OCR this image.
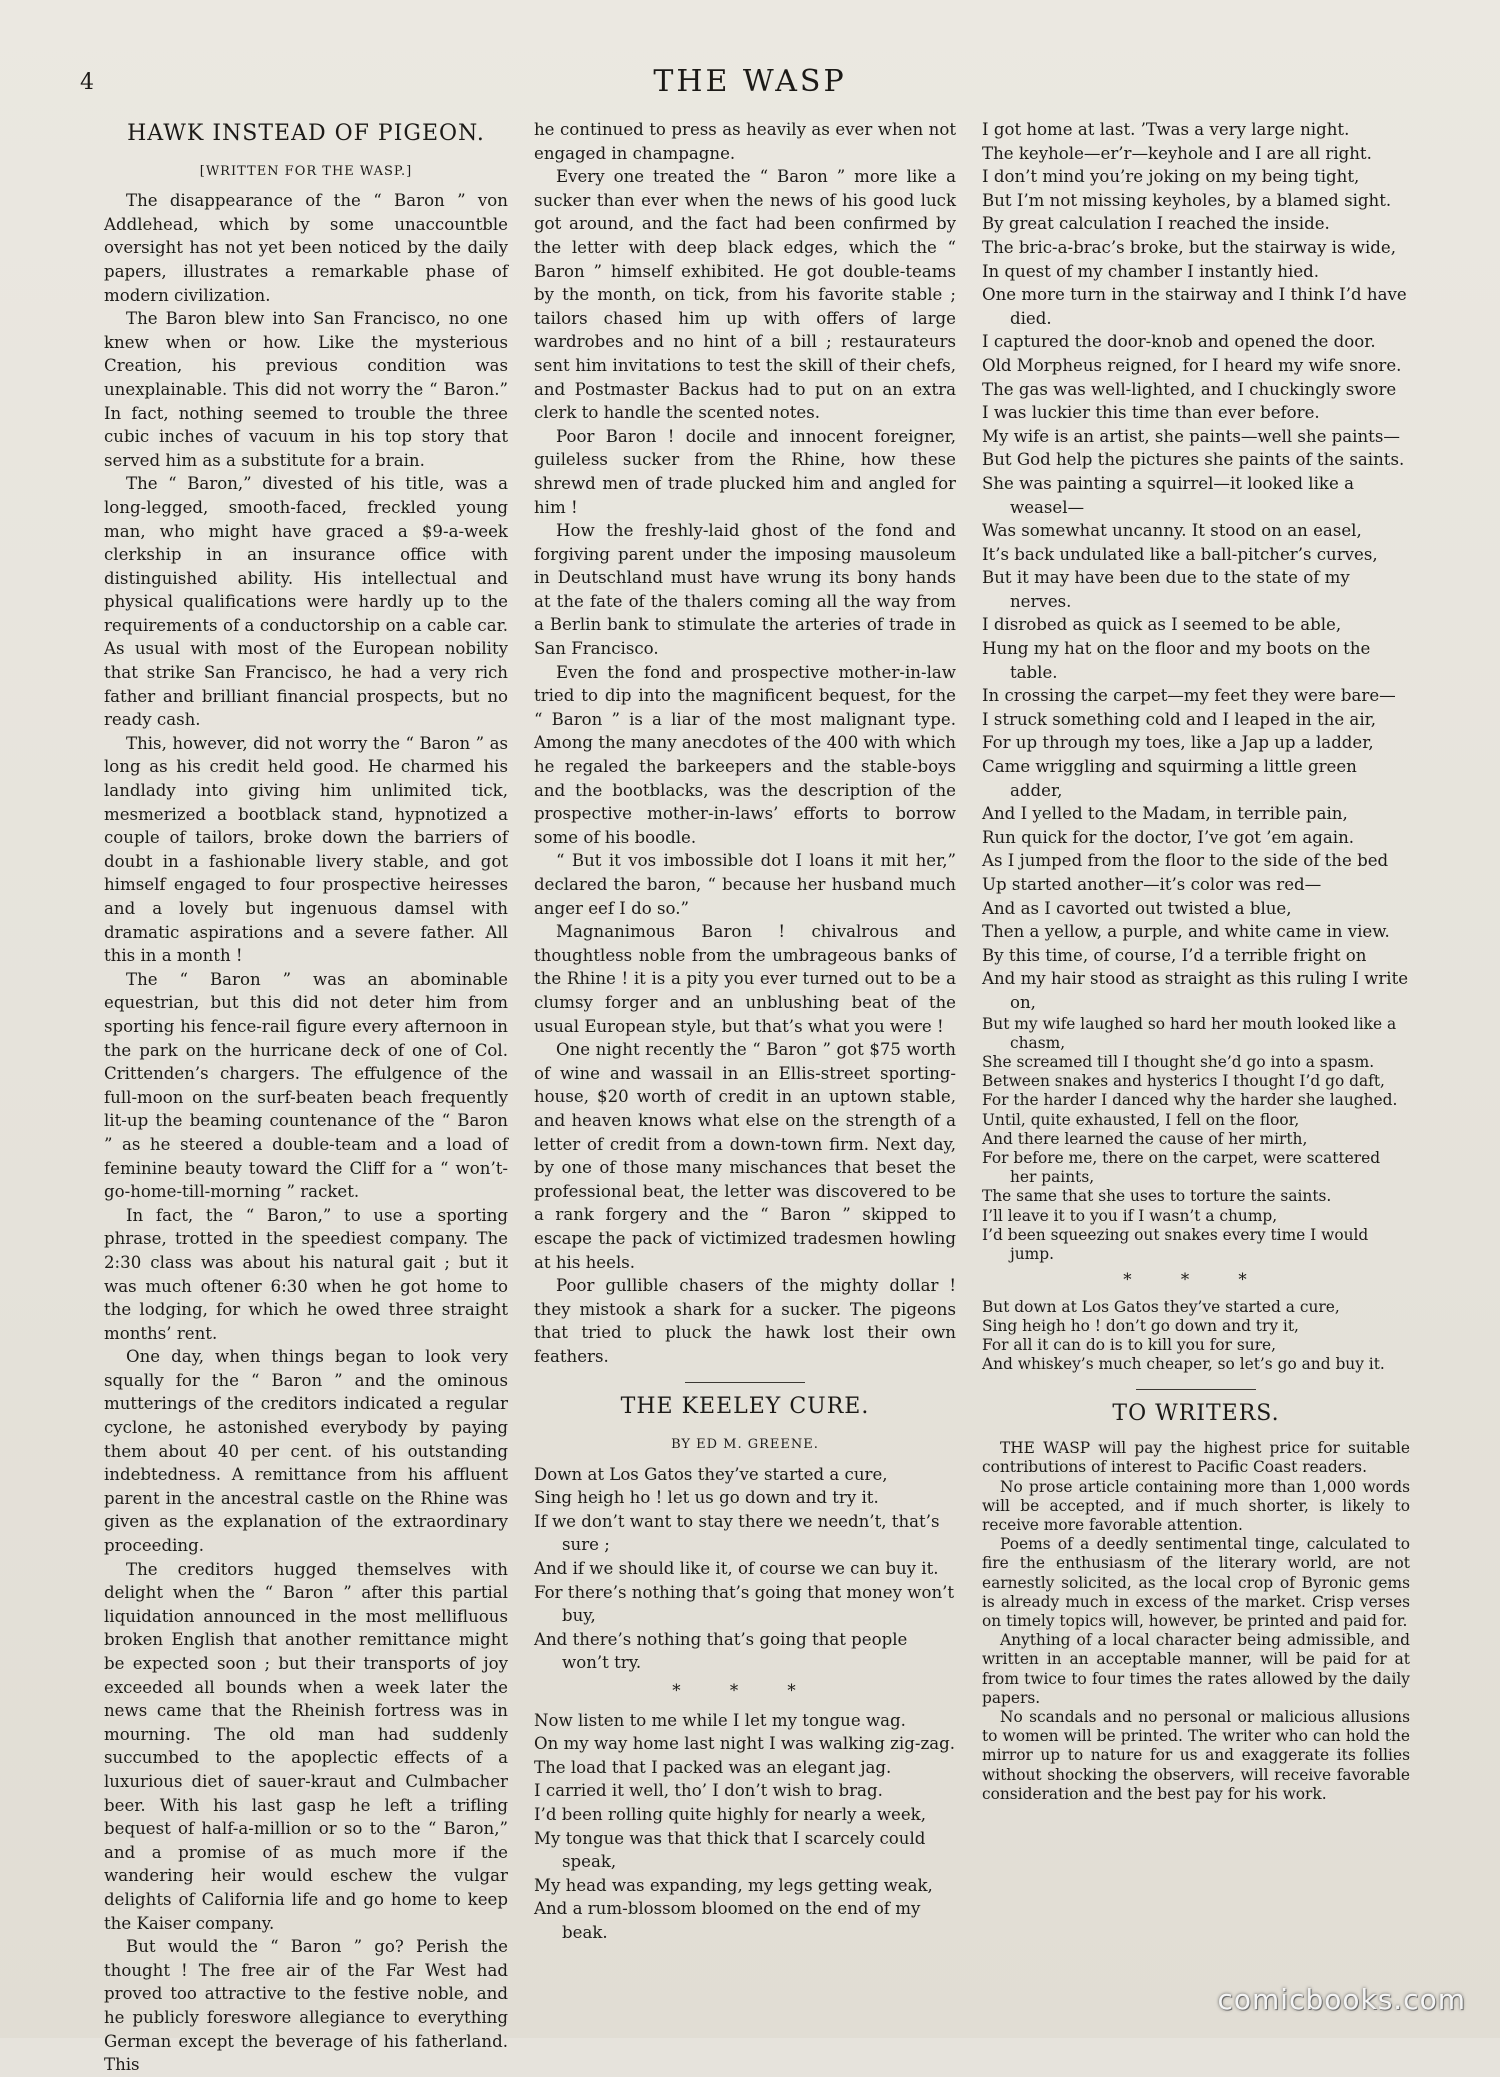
4	THE WASP
HAWK INSTEAD OF PIGEON.
[WRITTEN FOR THE WASP.]

The disappearance of the “ Baron ” von Addlehead, which by some unaccountble oversight has not yet been noticed by the daily papers, illustrates a remarkable phase of modern civilization.

The Baron blew into San Francisco, no one knew when or how. Like the mysterious Creation, his previous condition was unexplainable. This did not worry the “ Baron.” In fact, nothing seemed to trouble the three cubic inches of vacuum in his top story that served him as a substitute for a brain.

The “ Baron,” divested of his title, was a long-legged, smooth-faced, freckled young man, who might have graced a $9-a-week clerkship in an insurance office with distinguished ability. His intellectual and physical qualifications were hardly up to the requirements of a conductorship on a cable car. As usual with most of the European nobility that strike San Francisco, he had a very rich father and brilliant financial prospects, but no ready cash.

This, however, did not worry the “ Baron ” as long as his credit held good. He charmed his landlady into giving him unlimited tick, mesmerized a bootblack stand, hypnotized a couple of tailors, broke down the barriers of doubt in a fashionable livery stable, and got himself engaged to four prospective heiresses and a lovely but ingenuous damsel with dramatic aspirations and a severe father. All this in a month !

The “ Baron ” was an abominable equestrian, but this did not deter him from sporting his fence-rail figure every afternoon in the park on the hurricane deck of one of Col. Crittenden’s chargers. The effulgence of the full-moon on the surf-beaten beach frequently lit-up the beaming countenance of the “ Baron ” as he steered a double-team and a load of feminine beauty toward the Cliff for a “ won’t-go-home-till-morning ” racket.

In fact, the “ Baron,” to use a sporting phrase, trotted in the speediest company. The 2:30 class was about his natural gait ; but it was much oftener 6:30 when he got home to the lodging, for which he owed three straight months’ rent.

One day, when things began to look very squally for the “ Baron ” and the ominous mutterings of the creditors indicated a regular cyclone, he astonished everybody by paying them about 40 per cent. of his outstanding indebtedness. A remittance from his affluent parent in the ancestral castle on the Rhine was given as the explanation of the extraordinary proceeding.

The creditors hugged themselves with delight when the “ Baron ” after this partial liquidation announced in the most mellifluous broken English that another remittance might be expected soon ; but their transports of joy exceeded all bounds when a week later the news came that the Rheinish fortress was in mourning. The old man had suddenly succumbed to the apoplectic effects of a luxurious diet of sauer-kraut and Culmbacher beer. With his last gasp he left a trifling bequest of half-a-million or so to the “ Baron,” and a promise of as much more if the wandering heir would eschew the vulgar delights of California life and go home to keep the Kaiser company.

But would the “ Baron ” go? Perish the thought ! The free air of the Far West had proved too attractive to the festive noble, and he publicly foreswore allegiance to everything German except the beverage of his fatherland. This

he continued to press as heavily as ever when not engaged in champagne.

Every one treated the “ Baron ” more like a sucker than ever when the news of his good luck got around, and the fact had been confirmed by the letter with deep black edges, which the “ Baron ” himself exhibited. He got double-teams by the month, on tick, from his favorite stable ; tailors chased him up with offers of large wardrobes and no hint of a bill ; restaurateurs sent him invitations to test the skill of their chefs, and Postmaster Backus had to put on an extra clerk to handle the scented notes.

Poor Baron ! docile and innocent foreigner, guileless sucker from the Rhine, how these shrewd men of trade plucked him and angled for him !

How the freshly-laid ghost of the fond and forgiving parent under the imposing mausoleum in Deutschland must have wrung its bony hands at the fate of the thalers coming all the way from a Berlin bank to stimulate the arteries of trade in San Francisco.

Even the fond and prospective mother-in-law tried to dip into the magnificent bequest, for the “ Baron ” is a liar of the most malignant type. Among the many anecdotes of the 400 with which he regaled the barkeepers and the stable-boys and the bootblacks, was the description of the prospective mother-in-laws’ efforts to borrow some of his boodle.

“ But it vos imbossible dot I loans it mit her,” declared the baron, “ because her husband much anger eef I do so.”

Magnanimous Baron ! chivalrous and thoughtless noble from the umbrageous banks of the Rhine ! it is a pity you ever turned out to be a clumsy forger and an unblushing beat of the usual European style, but that’s what you were !

One night recently the “ Baron ” got $75 worth of wine and wassail in an Ellis-street sporting-house, $20 worth of credit in an uptown stable, and heaven knows what else on the strength of a letter of credit from a down-town firm. Next day, by one of those many mischances that beset the professional beat, the letter was discovered to be a rank forgery and the “ Baron ” skipped to escape the pack of victimized tradesmen howling at his heels.

Poor gullible chasers of the mighty dollar ! they mistook a shark for a sucker. The pigeons that tried to pluck the hawk lost their own feathers.

THE KEELEY CURE.
BY ED M. GREENE.
Down at Los Gatos they’ve started a cure,
Sing heigh ho ! let us go down and try it.
If we don’t want to stay there we needn’t, that’s sure ;
And if we should like it, of course we can buy it.
For there’s nothing that’s going that money won’t buy,
And there’s nothing that’s going that people won’t try.
* * *
Now listen to me while I let my tongue wag.
On my way home last night I was walking zig-zag.
The load that I packed was an elegant jag.
I carried it well, tho’ I don’t wish to brag.
I’d been rolling quite highly for nearly a week,
My tongue was that thick that I scarcely could speak,
My head was expanding, my legs getting weak,
And a rum-blossom bloomed on the end of my beak.
I got home at last. ’Twas a very large night.
The keyhole—er’r—keyhole and I are all right.
I don’t mind you’re joking on my being tight,
But I’m not missing keyholes, by a blamed sight.
By great calculation I reached the inside.
The bric-a-brac’s broke, but the stairway is wide,
In quest of my chamber I instantly hied.
One more turn in the stairway and I think I’d have died.
I captured the door-knob and opened the door.
Old Morpheus reigned, for I heard my wife snore.
The gas was well-lighted, and I chuckingly swore
I was luckier this time than ever before.
My wife is an artist, she paints—well she paints—
But God help the pictures she paints of the saints.
She was painting a squirrel—it looked like a weasel—
Was somewhat uncanny. It stood on an easel,
It’s back undulated like a ball-pitcher’s curves,
But it may have been due to the state of my nerves.
I disrobed as quick as I seemed to be able,
Hung my hat on the floor and my boots on the table.
In crossing the carpet—my feet they were bare—
I struck something cold and I leaped in the air,
For up through my toes, like a Jap up a ladder,
Came wriggling and squirming a little green adder,
And I yelled to the Madam, in terrible pain,
Run quick for the doctor, I’ve got ’em again.
As I jumped from the floor to the side of the bed
Up started another—it’s color was red—
And as I cavorted out twisted a blue,
Then a yellow, a purple, and white came in view.
By this time, of course, I’d a terrible fright on
And my hair stood as straight as this ruling I write on,
But my wife laughed so hard her mouth looked like a chasm,
She screamed till I thought she’d go into a spasm.
Between snakes and hysterics I thought I’d go daft,
For the harder I danced why the harder she laughed.
Until, quite exhausted, I fell on the floor,
And there learned the cause of her mirth,
For before me, there on the carpet, were scattered her paints,
The same that she uses to torture the saints.
I’ll leave it to you if I wasn’t a chump,
I’d been squeezing out snakes every time I would jump.
* * *
But down at Los Gatos they’ve started a cure,
Sing heigh ho ! don’t go down and try it,
For all it can do is to kill you for sure,
And whiskey’s much cheaper, so let’s go and buy it.
TO WRITERS.

THE WASP will pay the highest price for suitable contributions of interest to Pacific Coast readers.

No prose article containing more than 1,000 words will be accepted, and if much shorter, is likely to receive more favorable attention.

Poems of a deedly sentimental tinge, calculated to fire the enthusiasm of the literary world, are not earnestly solicited, as the local crop of Byronic gems is already much in excess of the market. Crisp verses on timely topics will, however, be printed and paid for.

Anything of a local character being admissible, and written in an acceptable manner, will be paid for at from twice to four times the rates allowed by the daily papers.

No scandals and no personal or malicious allusions to women will be printed. The writer who can hold the mirror up to nature for us and exaggerate its follies without shocking the observers, will receive favorable consideration and the best pay for his work.

comicbooks.com
